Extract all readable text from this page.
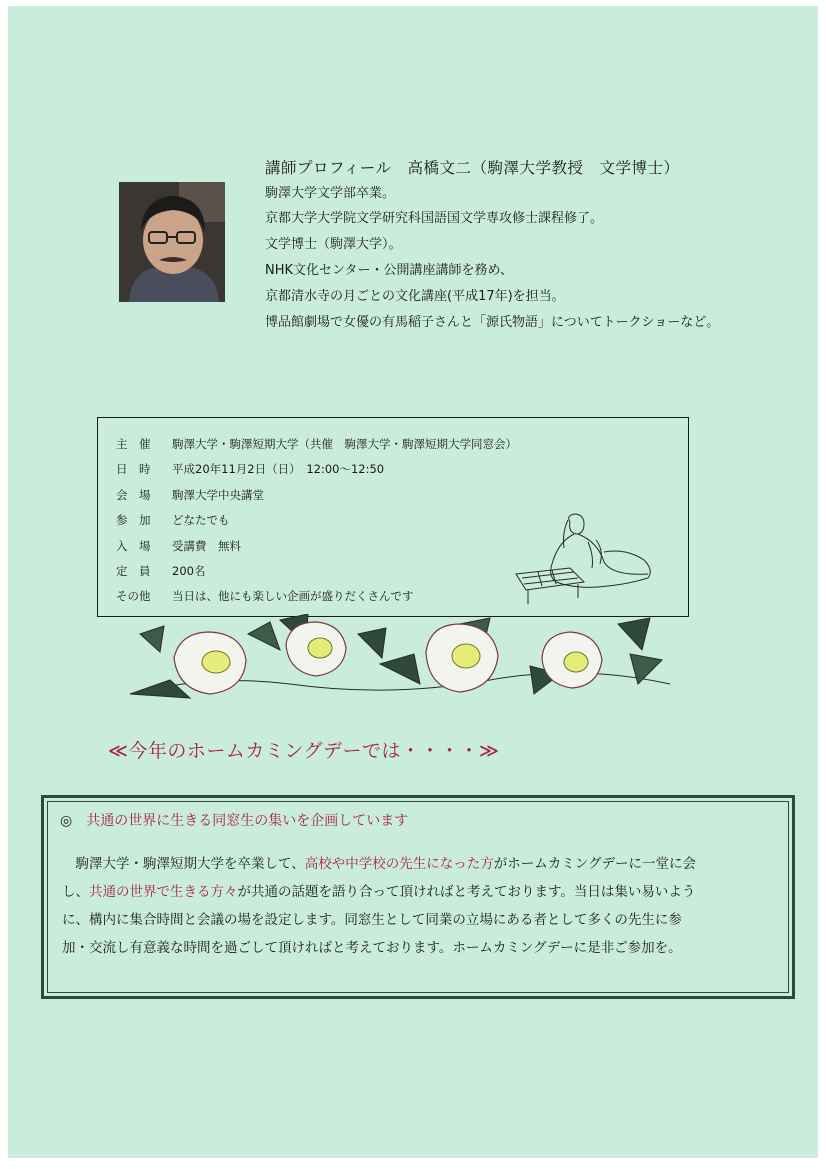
講師プロフィール　高橋文二（駒澤大学教授　文学博士）
駒澤大学文学部卒業。
京都大学大学院文学研究科国語国文学専攻修士課程修了。
文学博士（駒澤大学）。
NHK文化センター・公開講座講師を務め、
京都清水寺の月ごとの文化講座(平成17年)を担当。
博品館劇場で女優の有馬稲子さんと「源氏物語」についてトークショーなど。
主　催 駒澤大学・駒澤短期大学（共催　駒澤大学・駒澤短期大学同窓会）
日　時 平成20年11月2日（日）　12:00〜12:50
会　場 駒澤大学中央講堂
参　加 どなたでも
入　場 受講費　無料
定　員 200名
その他 当日は、他にも楽しい企画が盛りだくさんです
≪今年のホームカミングデーでは・・・・≫
◎ 共通の世界に生きる同窓生の集いを企画しています
　駒澤大学・駒澤短期大学を卒業して、高校や中学校の先生になった方がホームカミングデーに一堂に会
し、共通の世界で生きる方々が共通の話題を語り合って頂ければと考えております。当日は集い易いよう
に、構内に集合時間と会議の場を設定します。同窓生として同業の立場にある者として多くの先生に参
加・交流し有意義な時間を過ごして頂ければと考えております。ホームカミングデーに是非ご参加を。
